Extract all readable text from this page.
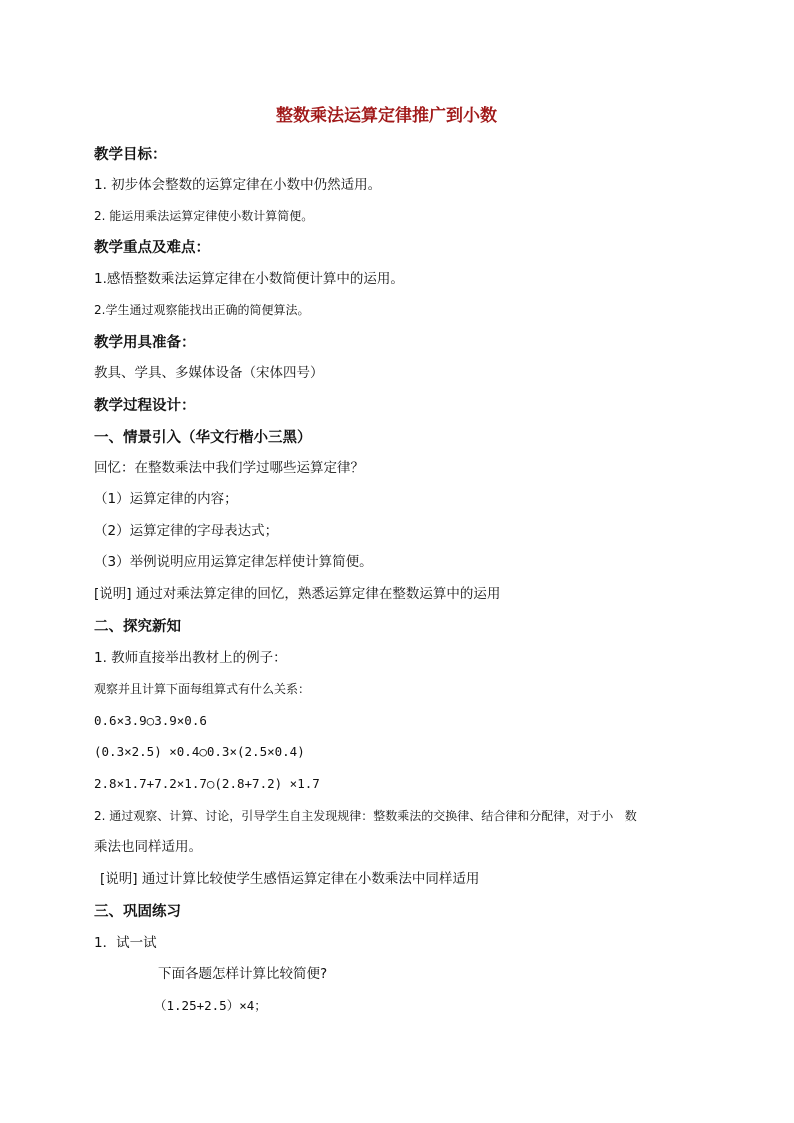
整数乘法运算定律推广到小数
教学目标：
1. 初步体会整数的运算定律在小数中仍然适用。
2. 能运用乘法运算定律使小数计算简便。
教学重点及难点：
1.感悟整数乘法运算定律在小数简便计算中的运用。
2.学生通过观察能找出正确的简便算法。
教学用具准备：
教具、学具、多媒体设备（宋体四号）
教学过程设计：
一、情景引入（华文行楷小三黑）
回忆：在整数乘法中我们学过哪些运算定律？
（1）运算定律的内容；
（2）运算定律的字母表达式；
（3）举例说明应用运算定律怎样使计算简便。
[说明] 通过对乘法算定律的回忆，熟悉运算定律在整数运算中的运用
二、探究新知
1. 教师直接举出教材上的例子：
观察并且计算下面每组算式有什么关系：
0.6×3.9○3.9×0.6
(0.3×2.5) ×0.4○0.3×(2.5×0.4)
2.8×1.7+7.2×1.7○(2.8+7.2) ×1.7
2. 通过观察、计算、讨论，引导学生自主发现规律：整数乘法的交换律、结合律和分配律，对于小   数
乘法也同样适用。
[说明] 通过计算比较使学生感悟运算定律在小数乘法中同样适用
三、巩固练习
1．试一试
下面各题怎样计算比较简便?
（1.25+2.5）×4；
